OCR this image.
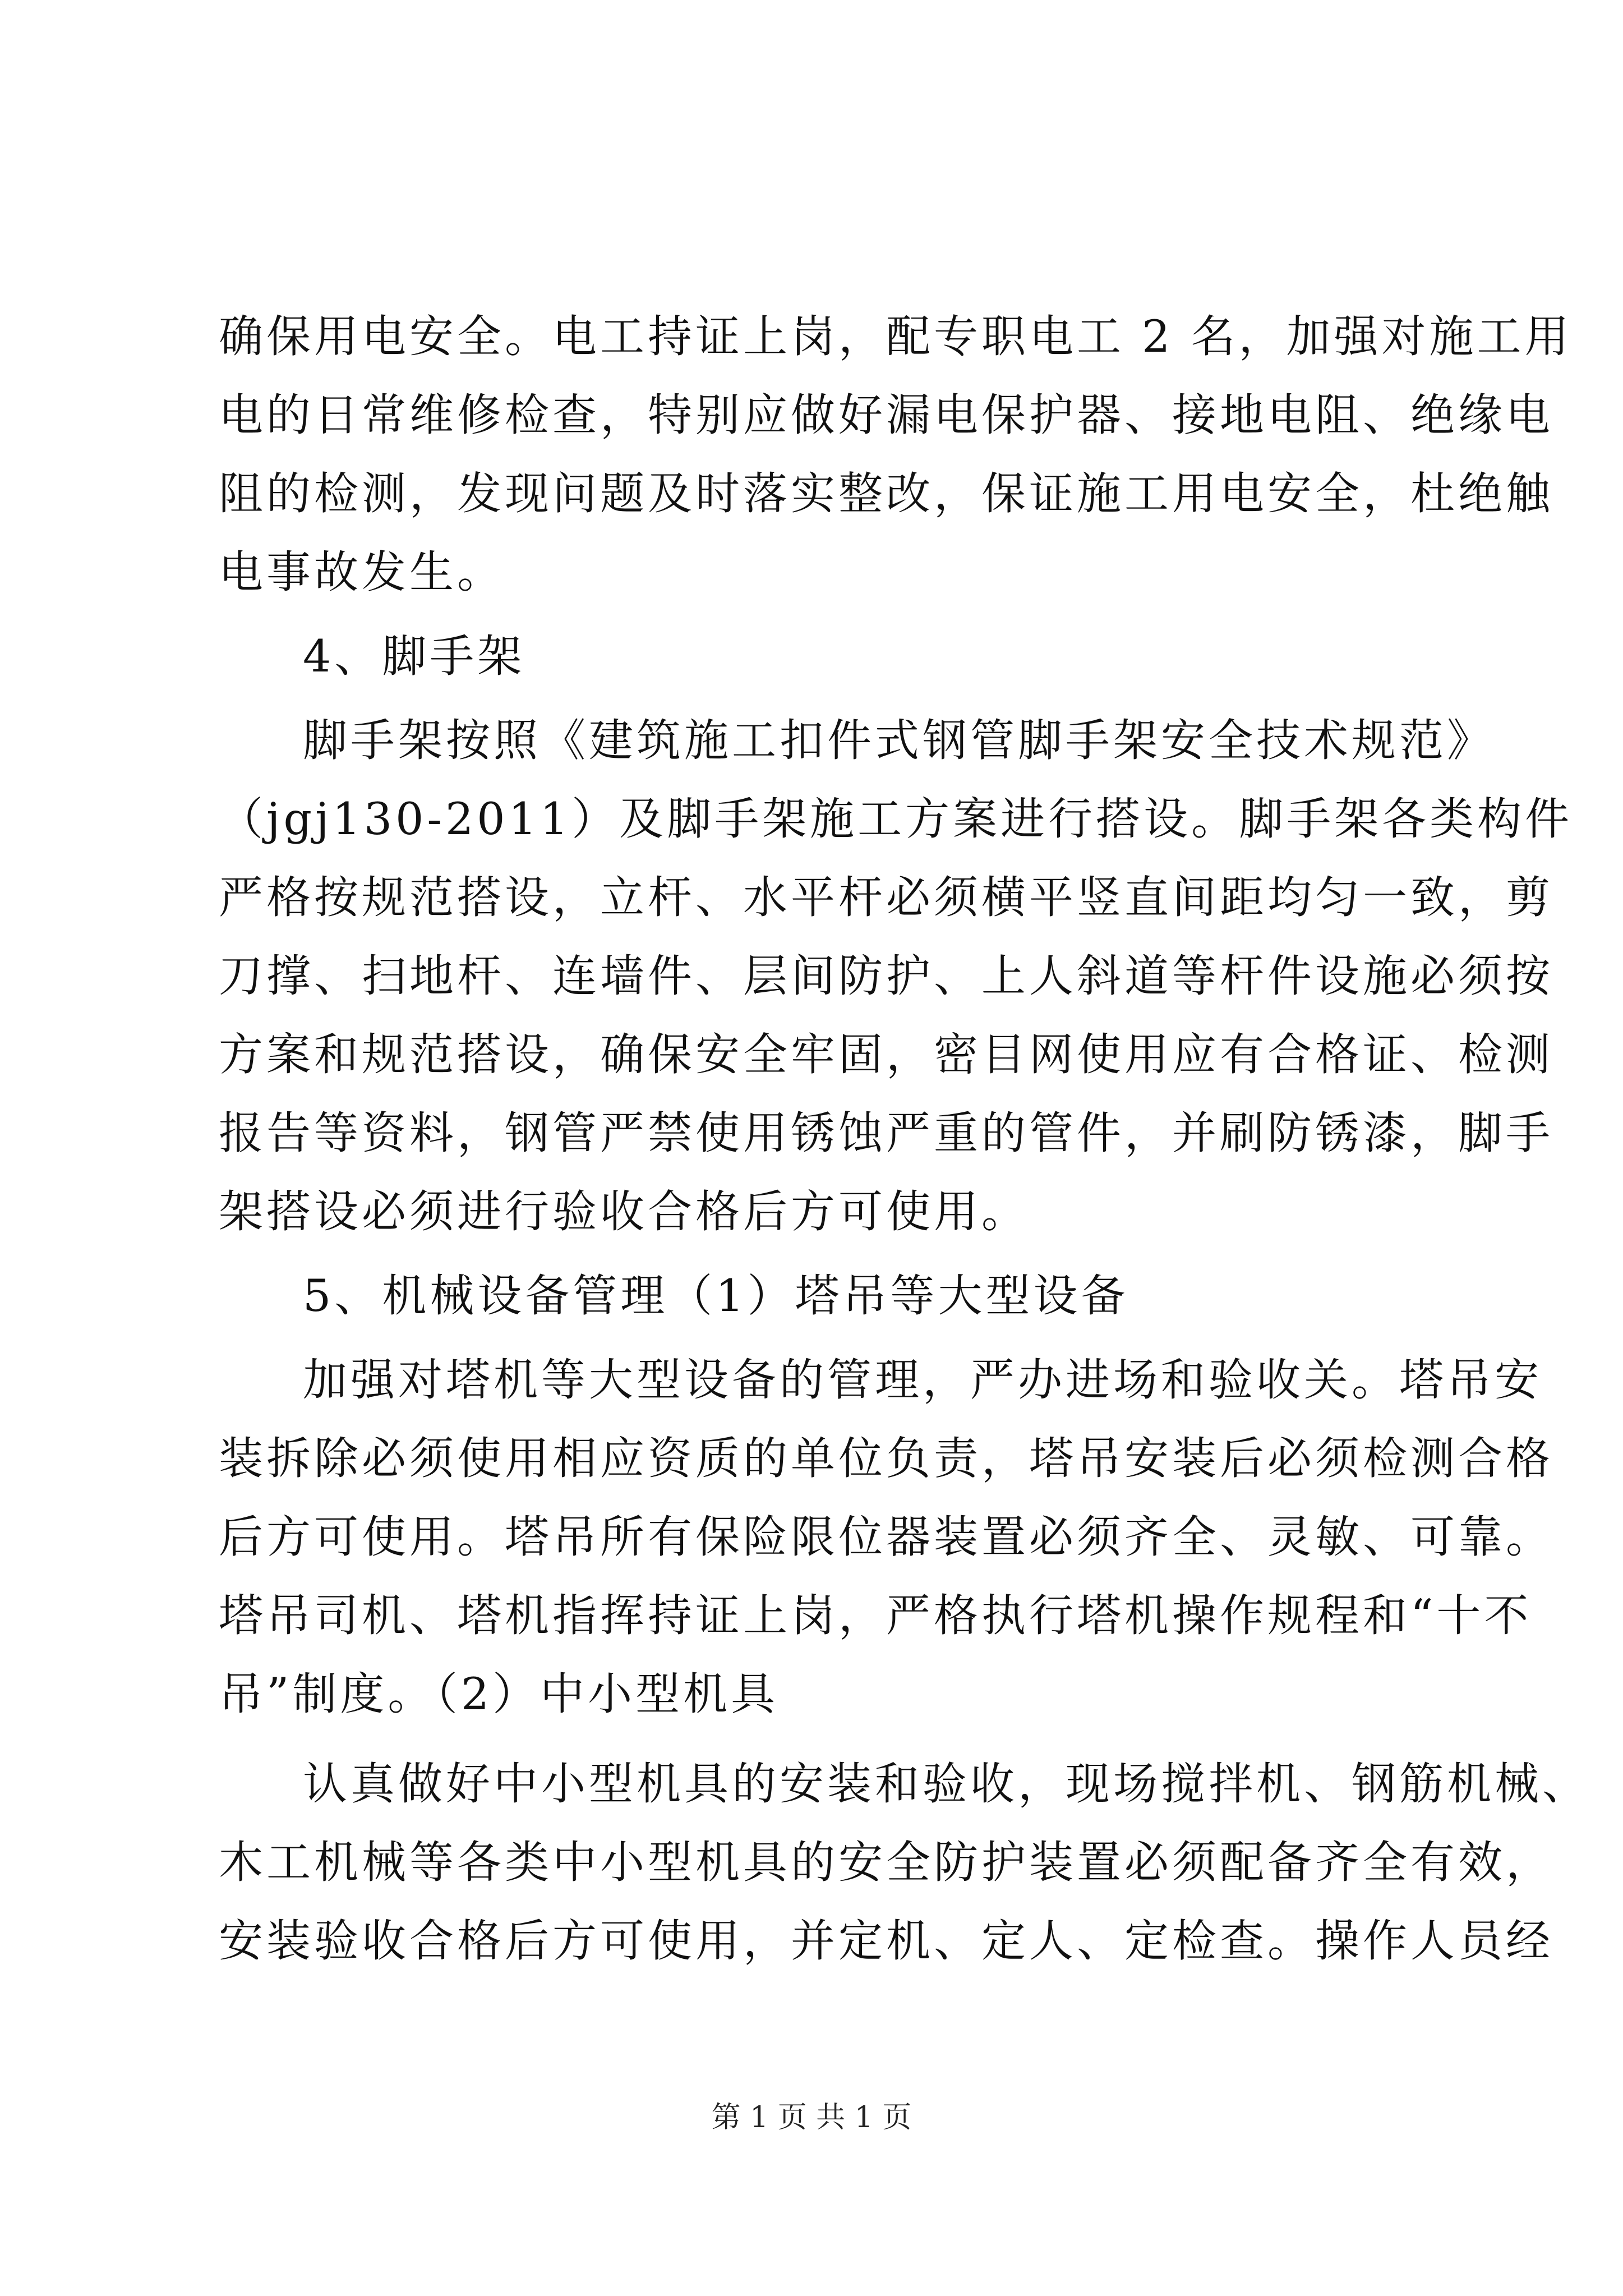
确保用电安全。电工持证上岗，配专职电工 2 名，加强对施工用
电的日常维修检查，特别应做好漏电保护器、接地电阻、绝缘电
阻的检测，发现问题及时落实整改，保证施工用电安全，杜绝触
电事故发生。
4、脚手架
脚手架按照《建筑施工扣件式钢管脚手架安全技术规范》
（jgj130-2011）及脚手架施工方案进行搭设。脚手架各类构件
严格按规范搭设，立杆、水平杆必须横平竖直间距均匀一致，剪
刀撑、扫地杆、连墙件、层间防护、上人斜道等杆件设施必须按
方案和规范搭设，确保安全牢固，密目网使用应有合格证、检测
报告等资料，钢管严禁使用锈蚀严重的管件，并刷防锈漆，脚手
架搭设必须进行验收合格后方可使用。
5、机械设备管理（1）塔吊等大型设备
加强对塔机等大型设备的管理，严办进场和验收关。塔吊安
装拆除必须使用相应资质的单位负责，塔吊安装后必须检测合格
后方可使用。塔吊所有保险限位器装置必须齐全、灵敏、可靠。
塔吊司机、塔机指挥持证上岗，严格执行塔机操作规程和“十不
吊”制度。（2）中小型机具
认真做好中小型机具的安装和验收，现场搅拌机、钢筋机械、
木工机械等各类中小型机具的安全防护装置必须配备齐全有效，
安装验收合格后方可使用，并定机、定人、定检查。操作人员经
第 1 页 共 1 页
